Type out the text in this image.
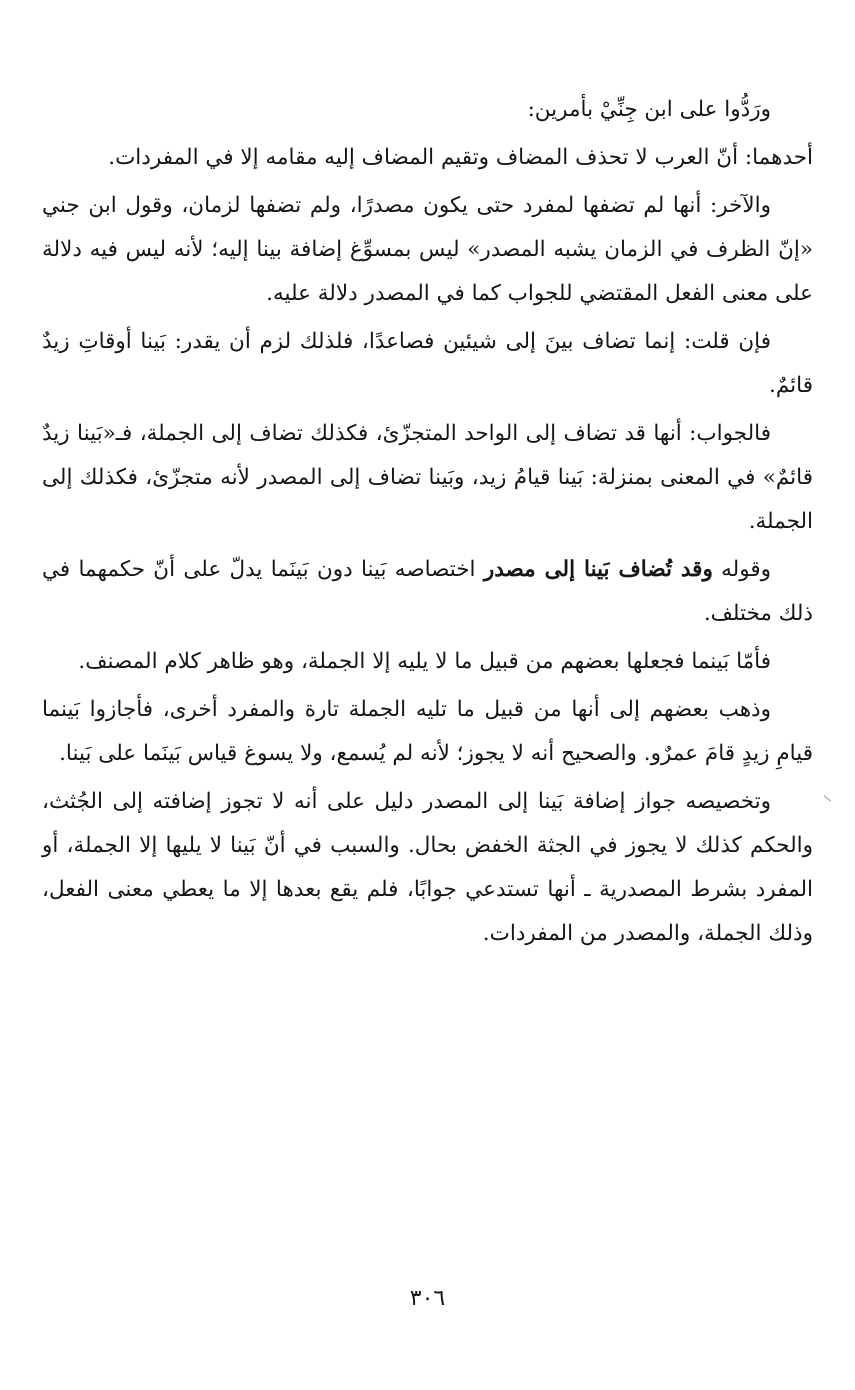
ورَدُّوا على ابن جِنِّيْ بأمرين:

أحدهما: أنّ العرب لا تحذف المضاف وتقيم المضاف إليه مقامه إلا في المفردات.

والآخر: أنها لم تضفها لمفرد حتى يكون مصدرًا، ولم تضفها لزمان، وقول ابن جني «إنّ الظرف في الزمان يشبه المصدر» ليس بمسوِّغ إضافة بينا إليه؛ لأنه ليس فيه دلالة على معنى الفعل المقتضي للجواب كما في المصدر دلالة عليه.

فإن قلت: إنما تضاف بينَ إلى شيئين فصاعدًا، فلذلك لزم أن يقدر: بَينا أوقاتِ زيدٌ قائمٌ.

فالجواب: أنها قد تضاف إلى الواحد المتجزّئ، فكذلك تضاف إلى الجملة، فـ«بَينا زيدٌ قائمٌ» في المعنى بمنزلة: بَينا قيامُ زيد، وبَينا تضاف إلى المصدر لأنه متجزّئ، فكذلك إلى الجملة.

وقوله وقد تُضاف بَينا إلى مصدر اختصاصه بَينا دون بَينَما يدلّ على أنّ حكمهما في ذلك مختلف.

فأمّا بَينما فجعلها بعضهم من قبيل ما لا يليه إلا الجملة، وهو ظاهر كلام المصنف.

وذهب بعضهم إلى أنها من قبيل ما تليه الجملة تارة والمفرد أخرى، فأجازوا بَينما قيامِ زيدٍ قامَ عمرٌو. والصحيح أنه لا يجوز؛ لأنه لم يُسمع، ولا يسوغ قياس بَينَما على بَينا.

وتخصيصه جواز إضافة بَينا إلى المصدر دليل على أنه لا تجوز إضافته إلى الجُثث، والحكم كذلك لا يجوز في الجثة الخفض بحال. والسبب في أنّ بَينا لا يليها إلا الجملة، أو المفرد بشرط المصدرية ـ أنها تستدعي جوابًا، فلم يقع بعدها إلا ما يعطي معنى الفعل، وذلك الجملة، والمصدر من المفردات.

٣٠٦
